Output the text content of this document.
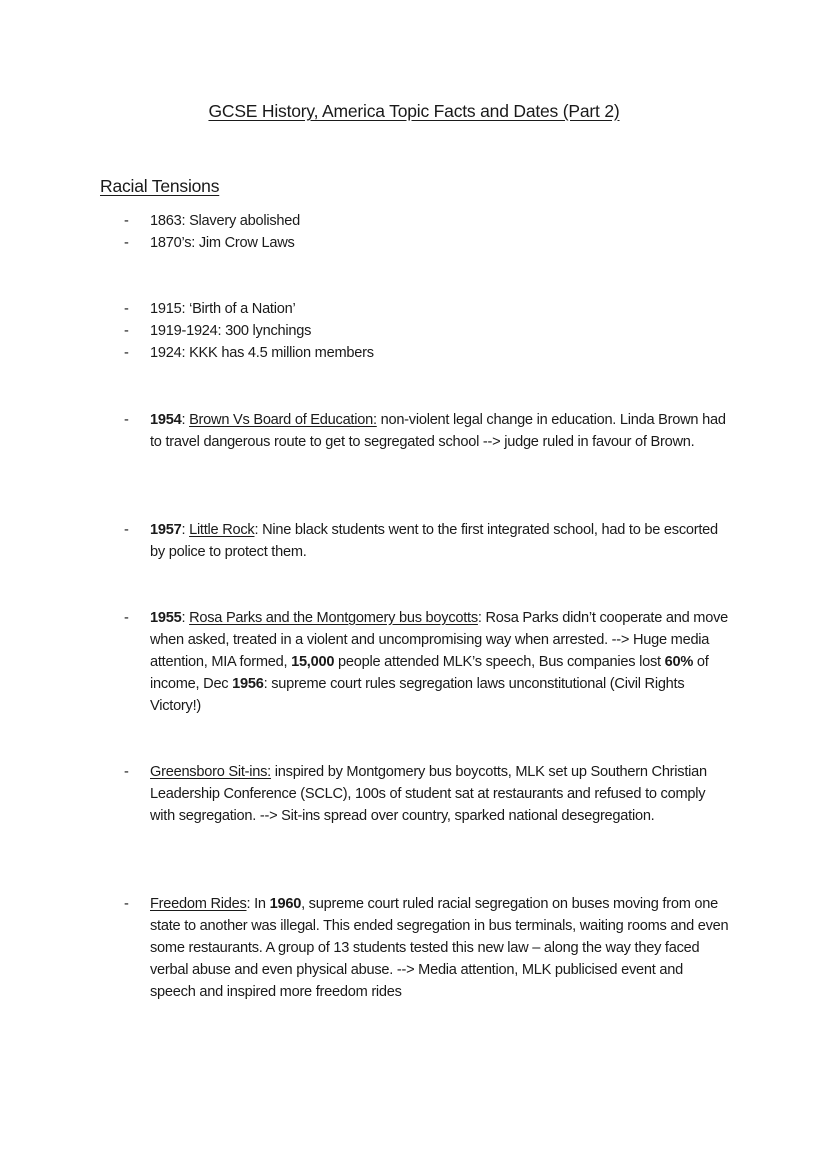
GCSE History, America Topic Facts and Dates (Part 2)
Racial Tensions
-	1863: Slavery abolished
-	1870’s: Jim Crow Laws
-	1915: ‘Birth of a Nation’
-	1919-1924: 300 lynchings
-	1924: KKK has 4.5 million members
-	1954: Brown Vs Board of Education: non-violent legal change in education. Linda Brown had to travel dangerous route to get to segregated school --> judge ruled in favour of Brown.
-	1957: Little Rock: Nine black students went to the first integrated school, had to be escorted by police to protect them.
-	1955: Rosa Parks and the Montgomery bus boycotts: Rosa Parks didn’t cooperate and move when asked, treated in a violent and uncompromising way when arrested. --> Huge media attention, MIA formed, 15,000 people attended MLK’s speech, Bus companies lost 60% of income, Dec 1956: supreme court rules segregation laws unconstitutional (Civil Rights Victory!)
-	Greensboro Sit-ins: inspired by Montgomery bus boycotts, MLK set up Southern Christian Leadership Conference (SCLC), 100s of student sat at restaurants and refused to comply with segregation. --> Sit-ins spread over country, sparked national desegregation.
-	Freedom Rides: In 1960, supreme court ruled racial segregation on buses moving from one state to another was illegal. This ended segregation in bus terminals, waiting rooms and even some restaurants. A group of 13 students tested this new law – along the way they faced verbal abuse and even physical abuse. --> Media attention, MLK publicised event and speech and inspired more freedom rides
